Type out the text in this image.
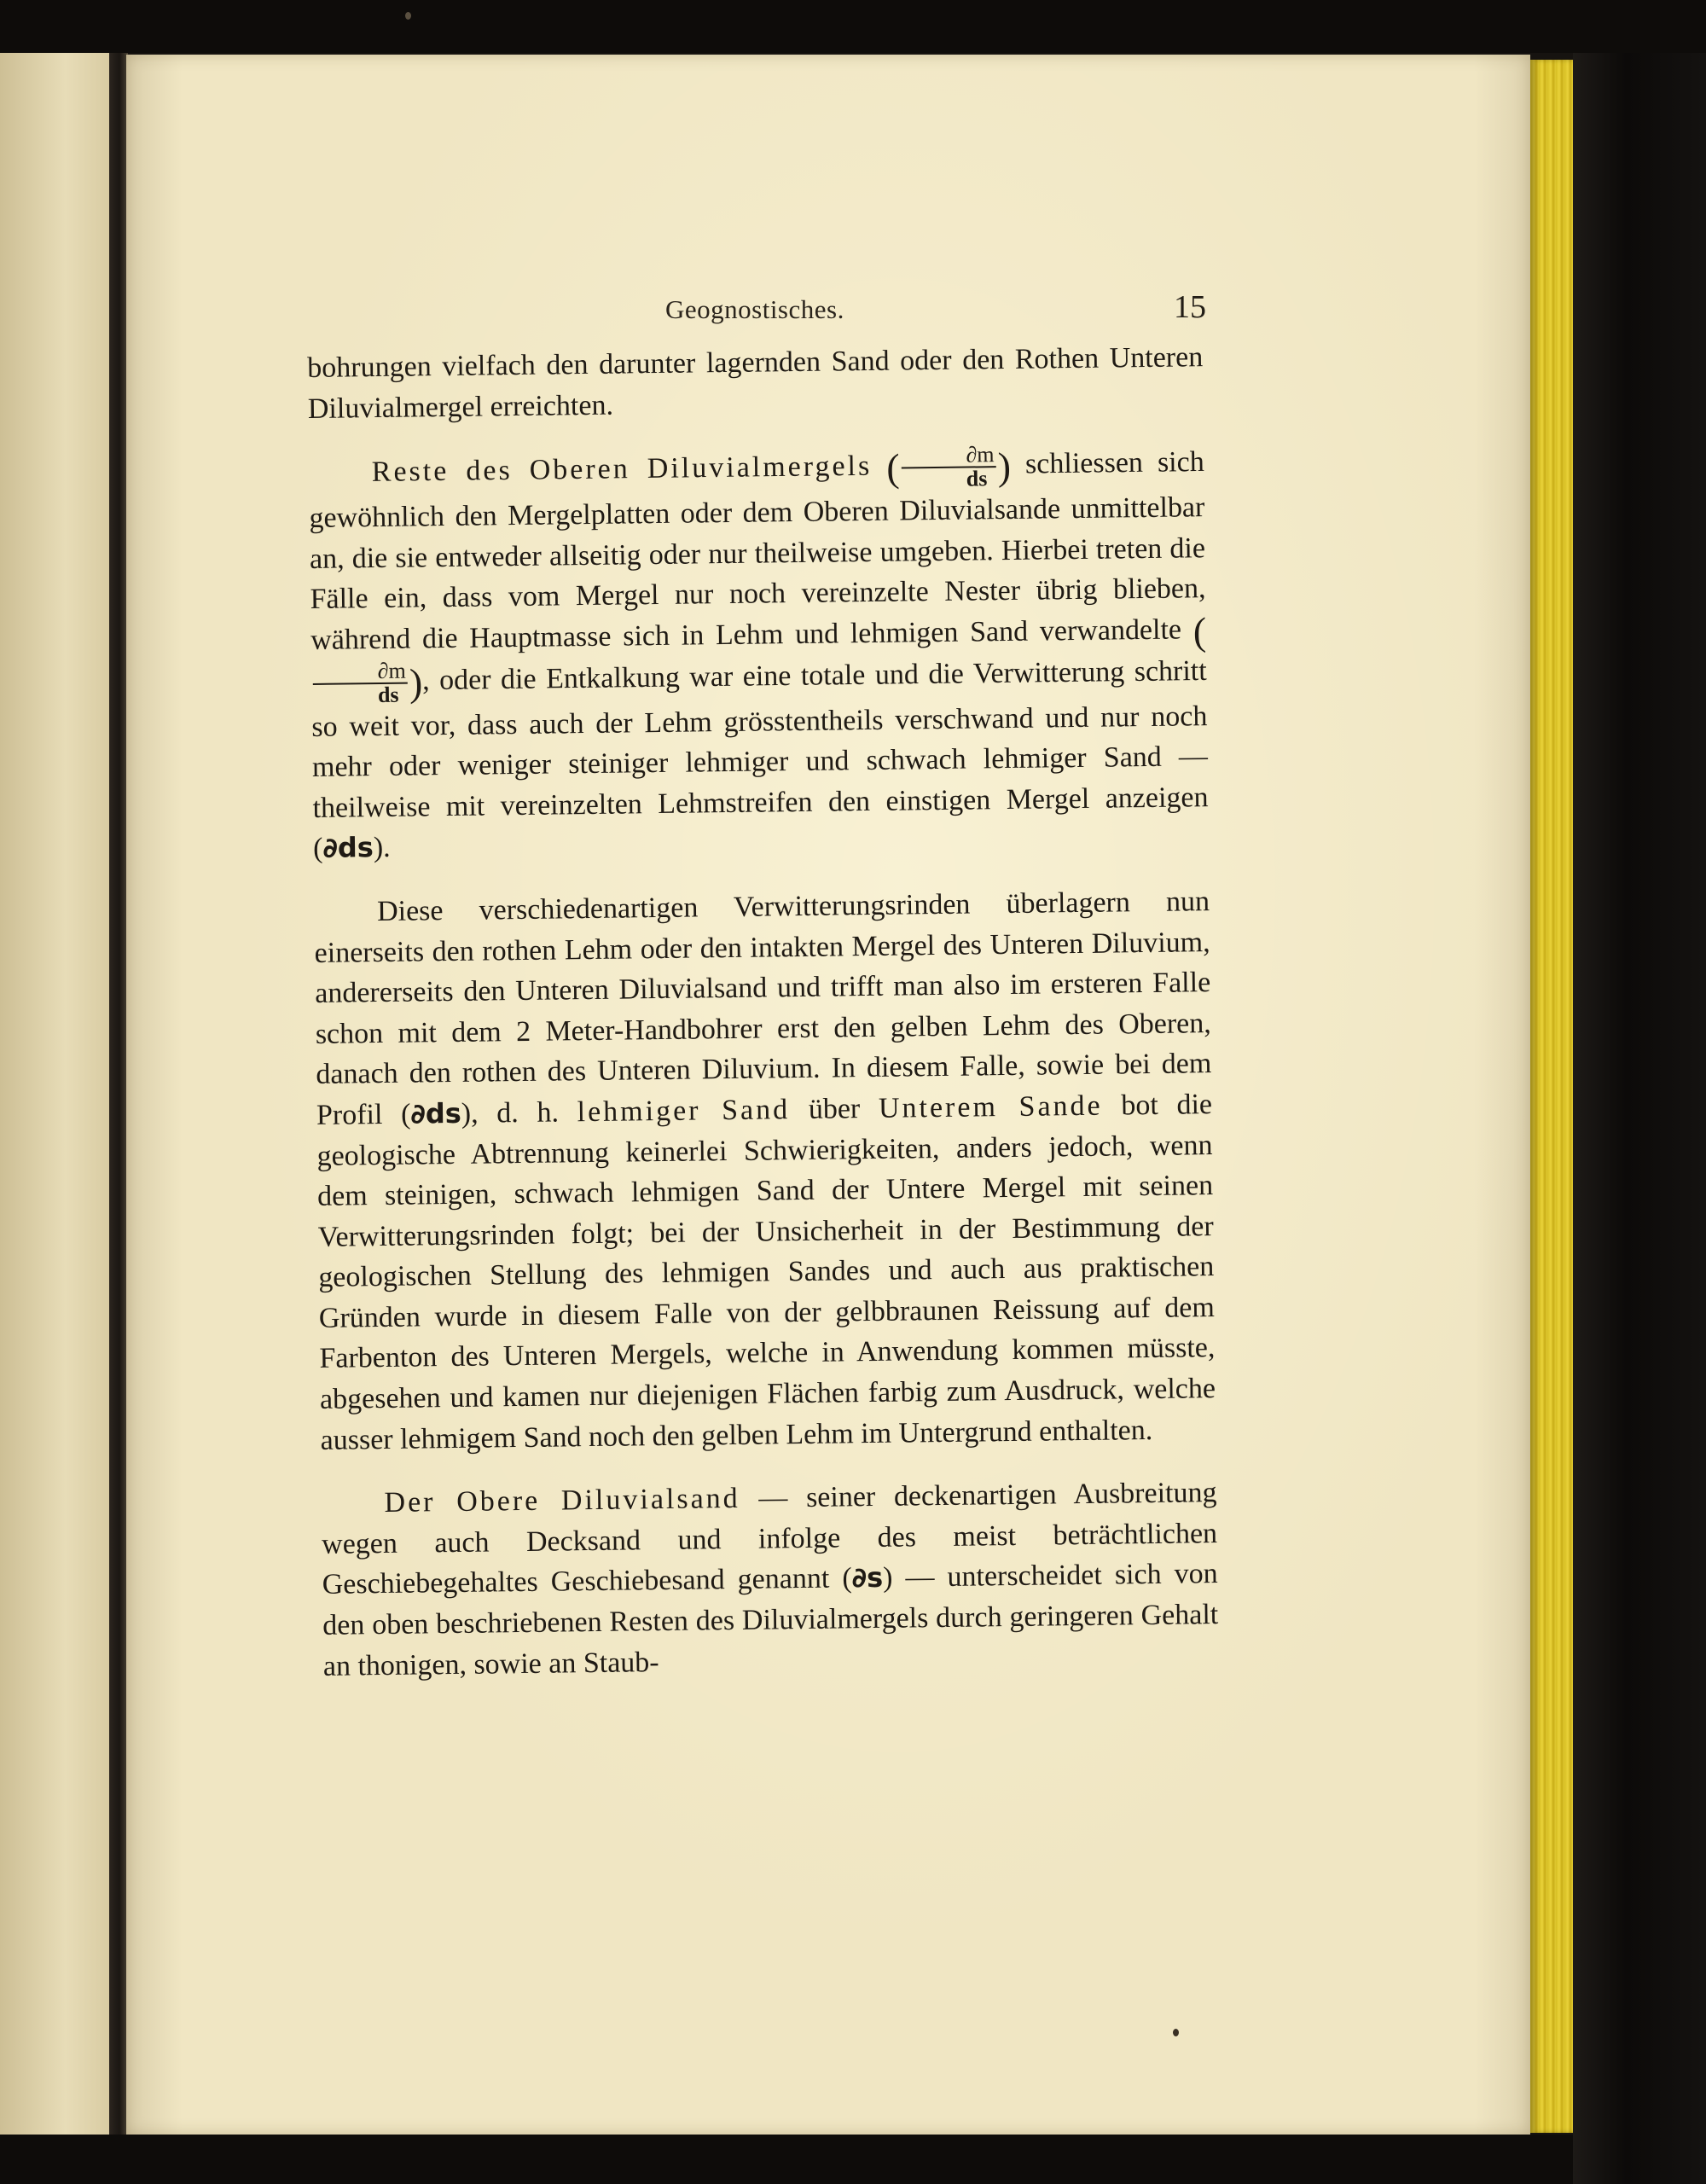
Geognostisches.	15

bohrungen vielfach den darunter lagernden Sand oder den Rothen Unteren Diluvialmergel erreichten.

Reste des Oberen Diluvialmergels ( $\frac{\partial m}{ds}$ ) schliessen sich gewöhnlich den Mergelplatten oder dem Oberen Diluvialsande unmittelbar an, die sie entweder allseitig oder nur theilweise umgeben. Hierbei treten die Fälle ein, dass vom Mergel nur noch vereinzelte Nester übrig blieben, während die Hauptmasse sich in Lehm und lehmigen Sand verwandelte (
$\frac{\partial m}{ds}$ ), oder die Entkalkung war eine totale und die Verwitterung schritt so weit vor, dass auch der Lehm grösstentheils verschwand und nur noch mehr oder weniger steiniger lehmiger und schwach lehmiger Sand — theilweise mit vereinzelten Lehmstreifen den einstigen Mergel anzeigen (∂ds).

Diese verschiedenartigen Verwitterungsrinden überlagern nun einerseits den rothen Lehm oder den intakten Mergel des Unteren Diluvium, andererseits den Unteren Diluvialsand und trifft man also im ersteren Falle schon mit dem 2 Meter-Handbohrer erst den gelben Lehm des Oberen, danach den rothen des Unteren Diluvium. In diesem Falle, sowie bei dem Profil (∂ds), d. h. lehmiger Sand über Unterem Sande bot die geologische Abtrennung keinerlei Schwierigkeiten, anders jedoch, wenn dem steinigen, schwach lehmigen Sand der Untere Mergel mit seinen Verwitterungsrinden folgt; bei der Unsicherheit in der Bestimmung der geologischen Stellung des lehmigen Sandes und auch aus praktischen Gründen wurde in diesem Falle von der gelbbraunen Reissung auf dem Farbenton des Unteren Mergels, welche in Anwendung kommen müsste, abgesehen und kamen nur diejenigen Flächen farbig zum Ausdruck, welche ausser lehmigem Sand noch den gelben Lehm im Untergrund enthalten.

Der Obere Diluvialsand — seiner deckenartigen Ausbreitung wegen auch Decksand und infolge des meist beträchtlichen Geschiebegehaltes Geschiebesand genannt (∂s) — unterscheidet sich von den oben beschriebenen Resten des Diluvialmergels durch geringeren Gehalt an thonigen, sowie an Staub-
